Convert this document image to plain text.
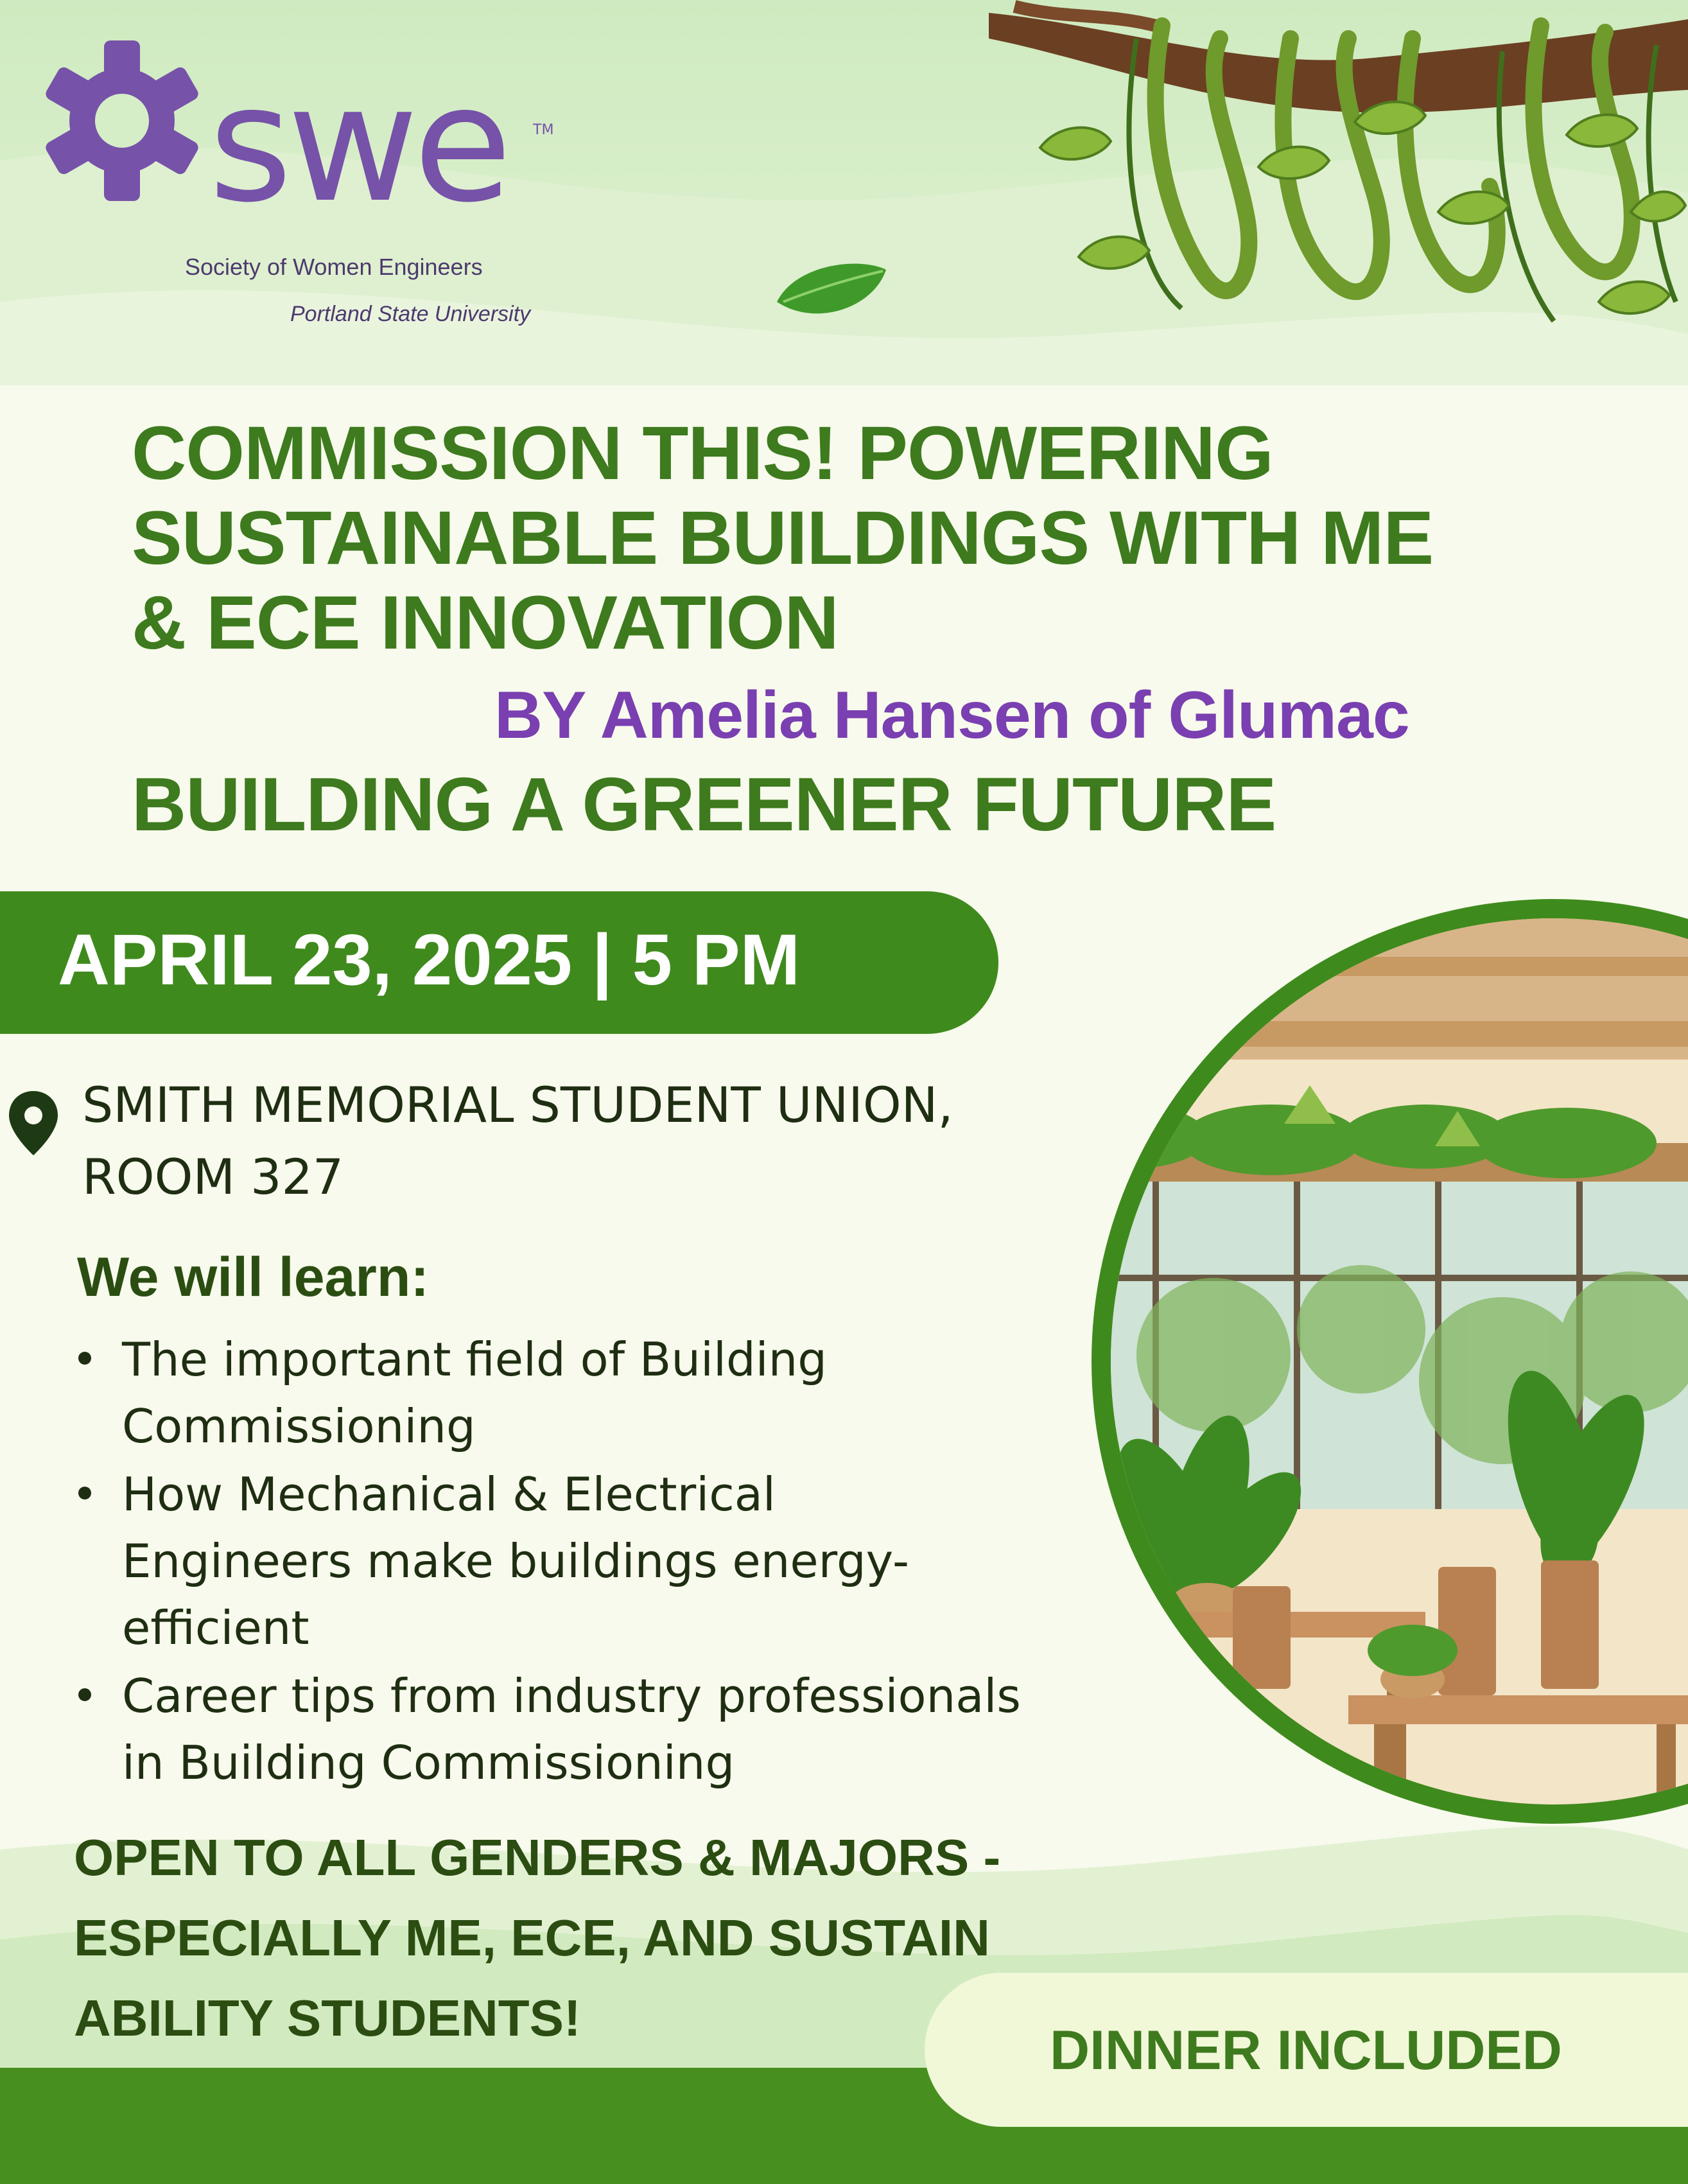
swe TM
Society of Women Engineers
Portland State University
COMMISSION THIS! POWERING
SUSTAINABLE BUILDINGS WITH ME
& ECE INNOVATION
BY Amelia Hansen of Glumac
BUILDING A GREENER FUTURE
APRIL 23, 2025 | 5 PM
SMITH MEMORIAL STUDENT UNION,
ROOM 327
We will learn:
The important field of Building
Commissioning
How Mechanical & Electrical
Engineers make buildings energy-
efficient
Career tips from industry professionals
in Building Commissioning
OPEN TO ALL GENDERS & MAJORS -
ESPECIALLY ME, ECE, AND SUSTAIN
ABILITY STUDENTS!
DINNER INCLUDED
